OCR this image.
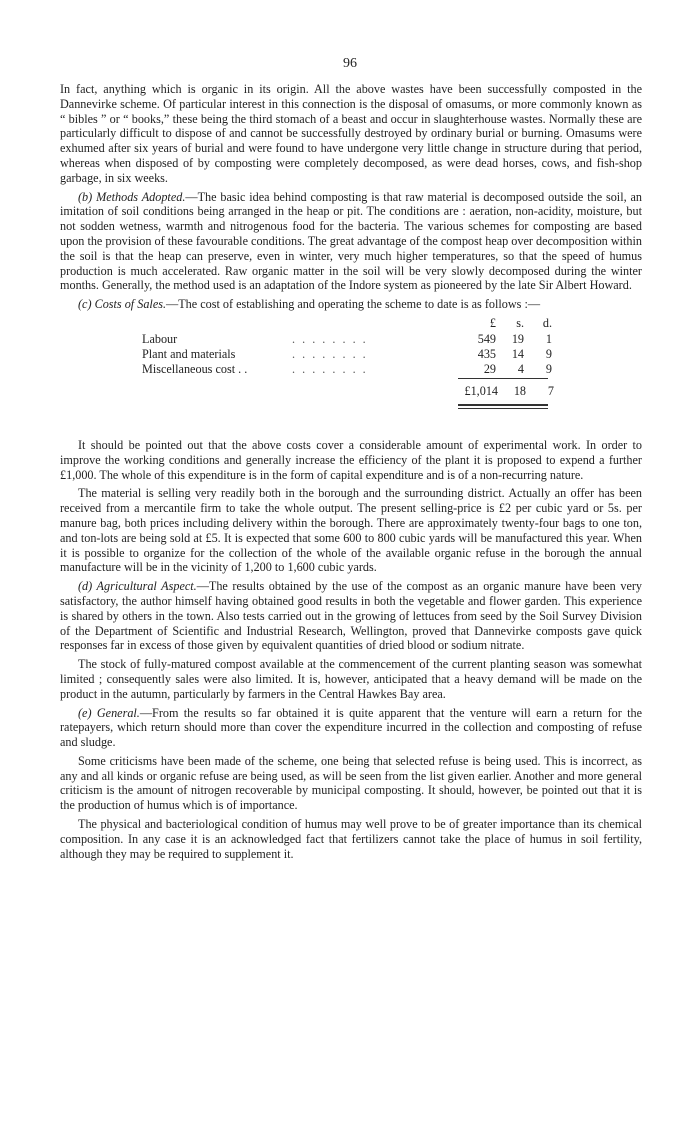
96

In fact, anything which is organic in its origin. All the above wastes have been successfully composted in the Dannevirke scheme. Of particular interest in this connection is the disposal of omasums, or more commonly known as “ bibles ” or “ books,” these being the third stomach of a beast and occur in slaughterhouse wastes. Normally these are particularly difficult to dispose of and cannot be successfully destroyed by ordinary burial or burning. Omasums were exhumed after six years of burial and were found to have undergone very little change in structure during that period, whereas when disposed of by composting were completely decomposed, as were dead horses, cows, and fish-shop garbage, in six weeks.

(b) Methods Adopted.—The basic idea behind composting is that raw material is decomposed outside the soil, an imitation of soil conditions being arranged in the heap or pit. The conditions are : aeration, non-acidity, moisture, but not sodden wetness, warmth and nitrogenous food for the bacteria. The various schemes for composting are based upon the provision of these favourable conditions. The great advantage of the compost heap over decomposition within the soil is that the heap can preserve, even in winter, very much higher temperatures, so that the speed of humus production is much accelerated. Raw organic matter in the soil will be very slowly decomposed during the winter months. Generally, the method used is an adaptation of the Indore system as pioneered by the late Sir Albert Howard.

(c) Costs of Sales.—The cost of establishing and operating the scheme to date is as follows :—

£ s. d.
Labour	. . . . . . . .	549 19 1
Plant and materials	. . . . . . . .	435 14 9
Miscellaneous cost . .	. . . . . . . .	29 4 9
£1,014 18 7

It should be pointed out that the above costs cover a considerable amount of experimental work. In order to improve the working conditions and generally increase the efficiency of the plant it is proposed to expend a further £1,000. The whole of this expenditure is in the form of capital expenditure and is of a non-recurring nature.

The material is selling very readily both in the borough and the surrounding district. Actually an offer has been received from a mercantile firm to take the whole output. The present selling-price is £2 per cubic yard or 5s. per manure bag, both prices including delivery within the borough. There are approximately twenty-four bags to one ton, and ton-lots are being sold at £5. It is expected that some 600 to 800 cubic yards will be manufactured this year. When it is possible to organize for the collection of the whole of the available organic refuse in the borough the annual manufacture will be in the vicinity of 1,200 to 1,600 cubic yards.

(d) Agricultural Aspect.—The results obtained by the use of the compost as an organic manure have been very satisfactory, the author himself having obtained good results in both the vegetable and flower garden. This experience is shared by others in the town. Also tests carried out in the growing of lettuces from seed by the Soil Survey Division of the Department of Scientific and Industrial Research, Wellington, proved that Dannevirke composts gave quick responses far in excess of those given by equivalent quantities of dried blood or sodium nitrate.

The stock of fully-matured compost available at the commencement of the current planting season was somewhat limited ; consequently sales were also limited. It is, however, anticipated that a heavy demand will be made on the product in the autumn, particularly by farmers in the Central Hawkes Bay area.

(e) General.—From the results so far obtained it is quite apparent that the venture will earn a return for the ratepayers, which return should more than cover the expenditure incurred in the collection and composting of refuse and sludge.

Some criticisms have been made of the scheme, one being that selected refuse is being used. This is incorrect, as any and all kinds or organic refuse are being used, as will be seen from the list given earlier. Another and more general criticism is the amount of nitrogen recoverable by municipal composting. It should, however, be pointed out that it is the production of humus which is of importance.

The physical and bacteriological condition of humus may well prove to be of greater importance than its chemical composition. In any case it is an acknowledged fact that fertilizers cannot take the place of humus in soil fertility, although they may be required to supplement it.
